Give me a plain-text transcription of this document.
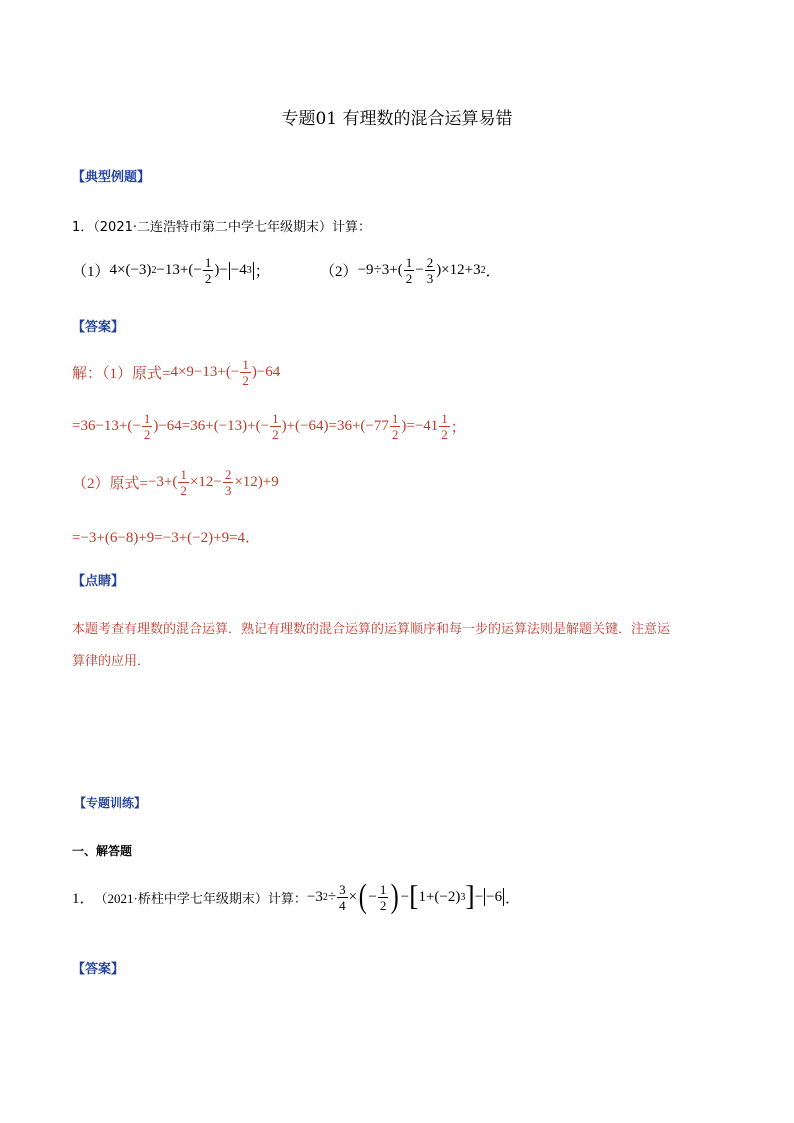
专题01 有理数的混合运算易错
【典型例题】
1．（2021·二连浩特市第二中学七年级期末）计算：
（1） 4×(−3) $2 -13+(- \frac{1}{2}$ )− −4 3 ；
	$(2) -9\div 3+( \frac{1}{2} - \frac{2}{3} )\times 12+3$ 2 ．
【答案】
解：（1）原式= $4\times 9-13+(- \frac{1}{2} )-64$
$=36-13+(- \frac{1}{2} )-64=36+(-13)+(- \frac{1}{2} )+(-64)=36+(-77 \frac{1}{2} )=-41 \frac{1}{2}$ ；
（2）原式= $-3+( \frac{1}{2} \times 12- \frac{2}{3} \times 12)+9$
=−3+(6−8)+9=−3+(−2)+9=4．
【点睛】
本题考查有理数的混合运算．熟记有理数的混合运算的运算顺序和每一步的运算法则是解题关键．注意运
算律的应用．
【专题训练】
一、解答题
1． （2021·桥柱中学七年级期末）计算： −3 $2 \div \frac{3}{4}$ × ( − $\frac{1}{2}$ ) − [ 1+(−2) 3 ] − −6 ．
【答案】
